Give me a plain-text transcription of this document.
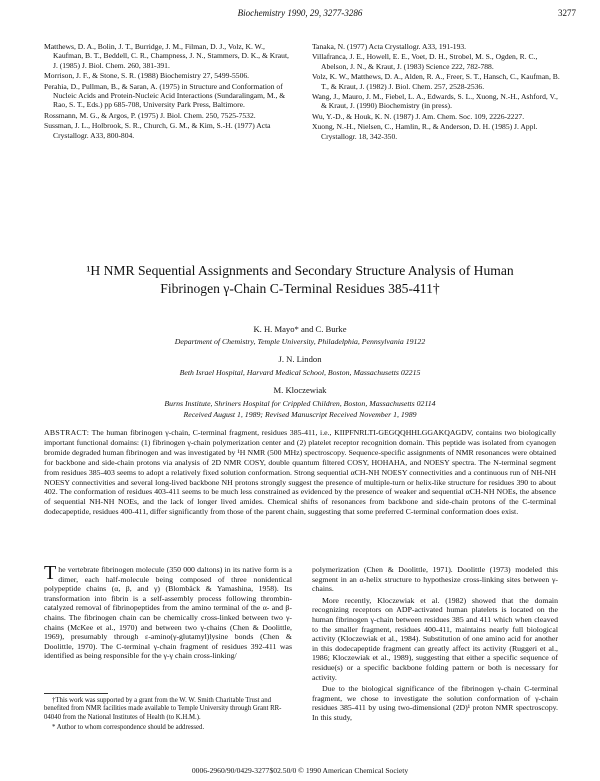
Biochemistry 1990, 29, 3277-3286	3277

Matthews, D. A., Bolin, J. T., Burridge, J. M., Filman, D. J., Volz, K. W., Kaufman, B. T., Beddell, C. R., Champness, J. N., Stammers, D. K., & Kraut, J. (1985) J. Biol. Chem. 260, 381-391.

Morrison, J. F., & Stone, S. R. (1988) Biochemistry 27, 5499-5506.

Perahia, D., Pullman, B., & Saran, A. (1975) in Structure and Conformation of Nucleic Acids and Protein-Nucleic Acid Interactions (Sundaralingam, M., & Rao, S. T., Eds.) pp 685-708, University Park Press, Baltimore.

Rossmann, M. G., & Argos, P. (1975) J. Biol. Chem. 250, 7525-7532.

Sussman, J. L., Holbrook, S. R., Church, G. M., & Kim, S.-H. (1977) Acta Crystallogr. A33, 800-804.

Tanaka, N. (1977) Acta Crystallogr. A33, 191-193.

Villafranca, J. E., Howell, E. E., Voet, D. H., Strobel, M. S., Ogden, R. C., Abelson, J. N., & Kraut, J. (1983) Science 222, 782-788.

Volz, K. W., Matthews, D. A., Alden, R. A., Freer, S. T., Hansch, C., Kaufman, B. T., & Kraut, J. (1982) J. Biol. Chem. 257, 2528-2536.

Wang, J., Mauro, J. M., Fiebel, L. A., Edwards, S. L., Xuong, N.-H., Ashford, V., & Kraut, J. (1990) Biochemistry (in press).

Wu, Y.-D., & Houk, K. N. (1987) J. Am. Chem. Soc. 109, 2226-2227.

Xuong, N.-H., Nielsen, C., Hamlin, R., & Anderson, D. H. (1985) J. Appl. Crystallogr. 18, 342-350.

¹H NMR Sequential Assignments and Secondary Structure Analysis of Human
Fibrinogen γ-Chain C-Terminal Residues 385-411†
K. H. Mayo* and C. Burke
Department of Chemistry, Temple University, Philadelphia, Pennsylvania 19122
J. N. Lindon
Beth Israel Hospital, Harvard Medical School, Boston, Massachusetts 02215
M. Kloczewiak
Burns Institute, Shriners Hospital for Crippled Children, Boston, Massachusetts 02114
Received August 1, 1989; Revised Manuscript Received November 1, 1989
ABSTRACT: The human fibrinogen γ-chain, C-terminal fragment, residues 385-411, i.e., KIIPFNRLTI-GEGQQHHLGGAKQAGDV, contains two biologically important functional domains: (1) fibrinogen γ-chain polymerization center and (2) platelet receptor recognition domain. This peptide was isolated from cyanogen bromide degraded human fibrinogen and was investigated by ¹H NMR (500 MHz) spectroscopy. Sequence-specific assignments of NMR resonances were obtained for backbone and side-chain protons via analysis of 2D NMR COSY, double quantum filtered COSY, HOHAHA, and NOESY spectra. The N-terminal segment from residues 385-403 seems to adopt a relatively fixed solution conformation. Strong sequential αCH-NH NOESY connectivities and a continuous run of NH-NH NOESY connectivities and several long-lived backbone NH protons strongly suggest the presence of multiple-turn or helix-like structure for residues 390 to about 402. The conformation of residues 403-411 seems to be much less constrained as evidenced by the presence of weaker and sequential αCH-NH NOEs, the absence of sequential NH-NH NOEs, and the lack of longer lived amides. Chemical shifts of resonances from backbone and side-chain protons of the C-terminal dodecapeptide, residues 400-411, differ significantly from those of the parent chain, suggesting that some preferred C-terminal conformation does exist.

The vertebrate fibrinogen molecule (350 000 daltons) in its native form is a dimer, each half-molecule being composed of three nonidentical polypeptide chains (α, β, and γ) (Blombäck & Yamashina, 1958). Its transformation into fibrin is a self-assembly process following thrombin-catalyzed removal of fibrinopeptides from the amino terminal of the α- and β-chains. The fibrinogen chain can be chemically cross-linked between two γ-chains (McKee et al., 1970) and between two γ-chains (Chen & Doolittle, 1969), presumably through ε-amino(γ-glutamyl)lysine bonds (Chen & Doolittle, 1970). The C-terminal γ-chain fragment of residues 392-411 was identified as being responsible for the γ-γ chain cross-linking/

†This work was supported by a grant from the W. W. Smith Charitable Trust and benefited from NMR facilities made available to Temple University through Grant RR-04040 from the National Institutes of Health (to K.H.M.).

* Author to whom correspondence should be addressed.

polymerization (Chen & Doolittle, 1971). Doolittle (1973) modeled this segment in an α-helix structure to hypothesize cross-linking sites between γ-chains.

More recently, Kloczewiak et al. (1982) showed that the domain recognizing receptors on ADP-activated human platelets is located on the human fibrinogen γ-chain between residues 385 and 411 which when cleaved to the smaller fragment, residues 400-411, maintains nearly full biological activity (Kloczewiak et al., 1984). Substitution of one amino acid for another in this dodecapeptide fragment can greatly affect its activity (Ruggeri et al., 1986; Kloczewiak et al., 1989), suggesting that either a specific sequence of residue(s) or a specific backbone folding pattern or both is necessary for activity.

Due to the biological significance of the fibrinogen γ-chain C-terminal fragment, we chose to investigate the solution conformation of γ-chain residues 385-411 by using two-dimensional (2D)¹ proton NMR spectroscopy. In this study,

0006-2960/90/0429-3277$02.50/0 © 1990 American Chemical Society
